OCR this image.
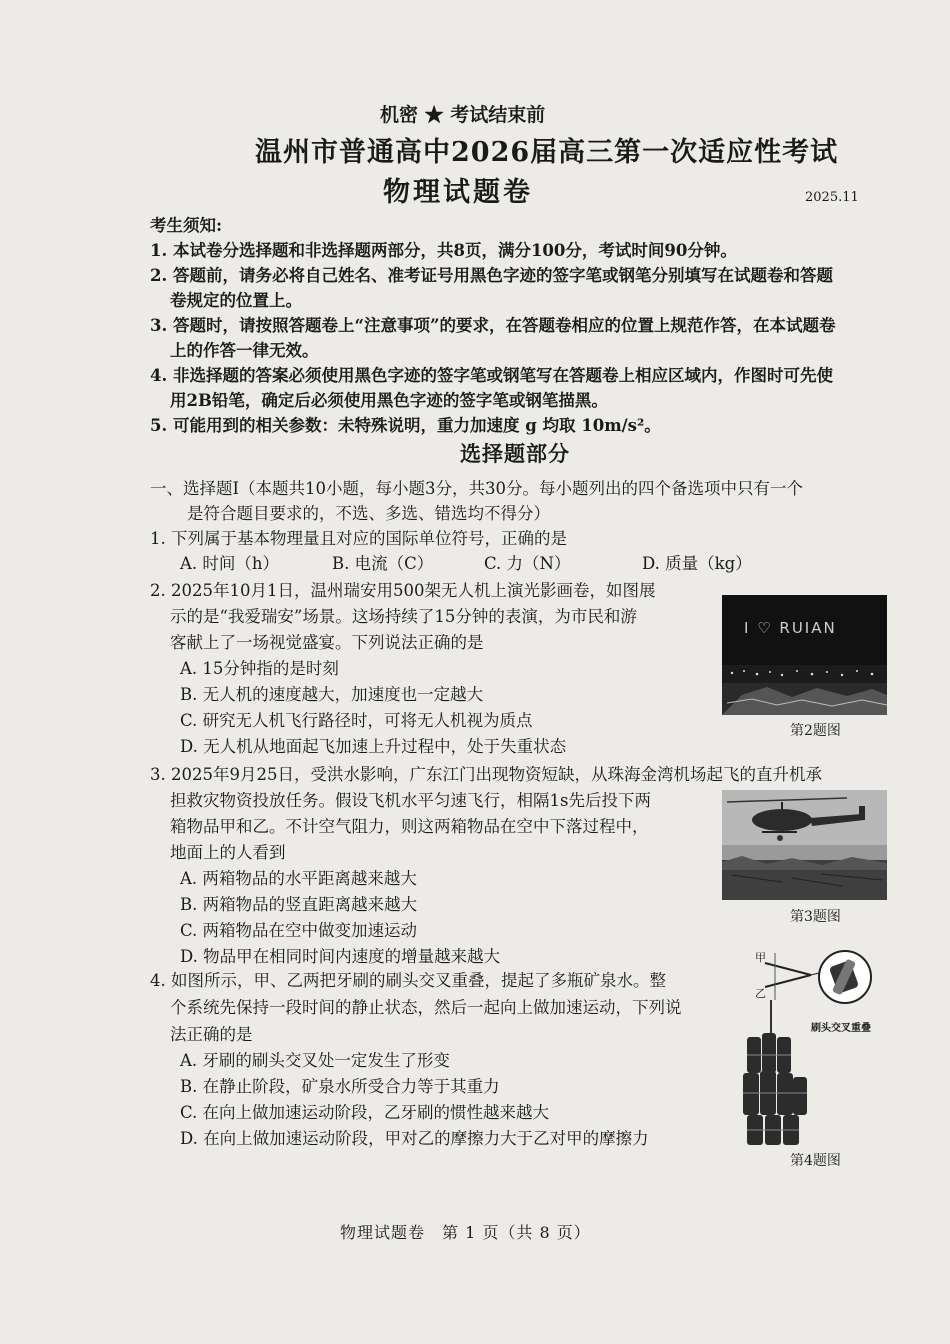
机密 ★ 考试结束前
温州市普通高中2026届高三第一次适应性考试
物理试题卷	2025.11
考生须知:
1. 本试卷分选择题和非选择题两部分，共8页，满分100分，考试时间90分钟。
2. 答题前，请务必将自己姓名、准考证号用黑色字迹的签字笔或钢笔分别填写在试题卷和答题
卷规定的位置上。
3. 答题时，请按照答题卷上“注意事项”的要求，在答题卷相应的位置上规范作答，在本试题卷
上的作答一律无效。
4. 非选择题的答案必须使用黑色字迹的签字笔或钢笔写在答题卷上相应区域内，作图时可先使
用2B铅笔，确定后必须使用黑色字迹的签字笔或钢笔描黑。
5. 可能用到的相关参数：未特殊说明，重力加速度 g 均取 10m/s²。
选择题部分
一、选择题Ⅰ（本题共10小题，每小题3分，共30分。每小题列出的四个备选项中只有一个
是符合题目要求的，不选、多选、错选均不得分）
1. 下列属于基本物理量且对应的国际单位符号，正确的是
A. 时间（h）	B. 电流（C）	C. 力（N）	D. 质量（kg）
2. 2025年10月1日，温州瑞安用500架无人机上演光影画卷，如图展
示的是“我爱瑞安”场景。这场持续了15分钟的表演，为市民和游
客献上了一场视觉盛宴。下列说法正确的是
A. 15分钟指的是时刻
B. 无人机的速度越大，加速度也一定越大
C. 研究无人机飞行路径时，可将无人机视为质点
D. 无人机从地面起飞加速上升过程中，处于失重状态
I ♡ RUIAN
第2题图
3. 2025年9月25日，受洪水影响，广东江门出现物资短缺，从珠海金湾机场起飞的直升机承
担救灾物资投放任务。假设飞机水平匀速飞行，相隔1s先后投下两
箱物品甲和乙。不计空气阻力，则这两箱物品在空中下落过程中，
地面上的人看到
A. 两箱物品的水平距离越来越大
B. 两箱物品的竖直距离越来越大
C. 两箱物品在空中做变加速运动
D. 物品甲在相同时间内速度的增量越来越大
第3题图
4. 如图所示，甲、乙两把牙刷的刷头交叉重叠，提起了多瓶矿泉水。整
个系统先保持一段时间的静止状态，然后一起向上做加速运动，下列说
法正确的是
A. 牙刷的刷头交叉处一定发生了形变
B. 在静止阶段，矿泉水所受合力等于其重力
C. 在向上做加速运动阶段，乙牙刷的惯性越来越大
D. 在向上做加速运动阶段，甲对乙的摩擦力大于乙对甲的摩擦力
甲
乙
刷头交叉重叠
第4题图
物理试题卷　第 1 页（共 8 页）
